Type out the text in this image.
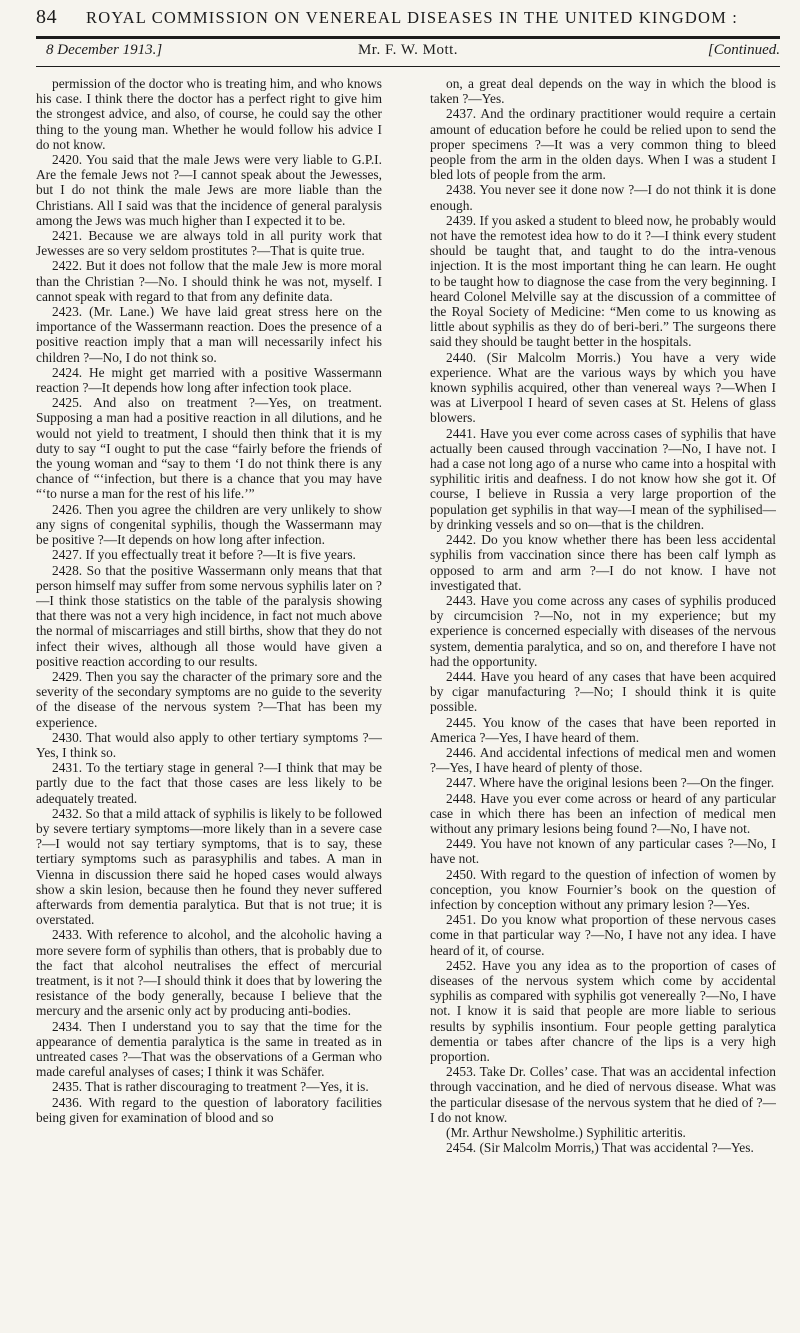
84 ROYAL COMMISSION ON VENEREAL DISEASES IN THE UNITED KINGDOM :
8 December 1913.]	Mr. F. W. Mott.	[Continued.

permission of the doctor who is treating him, and who knows his case. I think there the doctor has a perfect right to give him the strongest advice, and also, of course, he could say the other thing to the young man. Whether he would follow his advice I do not know.

2420. You said that the male Jews were very liable to G.P.I. Are the female Jews not ?—I cannot speak about the Jewesses, but I do not think the male Jews are more liable than the Christians. All I said was that the incidence of general paralysis among the Jews was much higher than I expected it to be.

2421. Because we are always told in all purity work that Jewesses are so very seldom prostitutes ?—That is quite true.

2422. But it does not follow that the male Jew is more moral than the Christian ?—No. I should think he was not, myself. I cannot speak with regard to that from any definite data.

2423. (Mr. Lane.) We have laid great stress here on the importance of the Wassermann reaction. Does the presence of a positive reaction imply that a man will necessarily infect his children ?—No, I do not think so.

2424. He might get married with a positive Wassermann reaction ?—It depends how long after infection took place.

2425. And also on treatment ?—Yes, on treatment. Supposing a man had a positive reaction in all dilutions, and he would not yield to treatment, I should then think that it is my duty to say “I ought to put the case “fairly before the friends of the young woman and “say to them ‘I do not think there is any chance of “‘infection, but there is a chance that you may have “‘to nurse a man for the rest of his life.’”

2426. Then you agree the children are very unlikely to show any signs of congenital syphilis, though the Wassermann may be positive ?—It depends on how long after infection.

2427. If you effectually treat it before ?—It is five years.

2428. So that the positive Wassermann only means that that person himself may suffer from some nervous syphilis later on ?—I think those statistics on the table of the paralysis showing that there was not a very high incidence, in fact not much above the normal of miscarriages and still births, show that they do not infect their wives, although all those would have given a positive reaction according to our results.

2429. Then you say the character of the primary sore and the severity of the secondary symptoms are no guide to the severity of the disease of the nervous system ?—That has been my experience.

2430. That would also apply to other tertiary symptoms ?—Yes, I think so.

2431. To the tertiary stage in general ?—I think that may be partly due to the fact that those cases are less likely to be adequately treated.

2432. So that a mild attack of syphilis is likely to be followed by severe tertiary symptoms—more likely than in a severe case ?—I would not say tertiary symptoms, that is to say, these tertiary symptoms such as parasyphilis and tabes. A man in Vienna in discussion there said he hoped cases would always show a skin lesion, because then he found they never suffered afterwards from dementia paralytica. But that is not true; it is overstated.

2433. With reference to alcohol, and the alcoholic having a more severe form of syphilis than others, that is probably due to the fact that alcohol neutralises the effect of mercurial treatment, is it not ?—I should think it does that by lowering the resistance of the body generally, because I believe that the mercury and the arsenic only act by producing anti-bodies.

2434. Then I understand you to say that the time for the appearance of dementia paralytica is the same in treated as in untreated cases ?—That was the observations of a German who made careful analyses of cases; I think it was Schäfer.

2435. That is rather discouraging to treatment ?—Yes, it is.

2436. With regard to the question of laboratory facilities being given for examination of blood and so

on, a great deal depends on the way in which the blood is taken ?—Yes.

2437. And the ordinary practitioner would require a certain amount of education before he could be relied upon to send the proper specimens ?—It was a very common thing to bleed people from the arm in the olden days. When I was a student I bled lots of people from the arm.

2438. You never see it done now ?—I do not think it is done enough.

2439. If you asked a student to bleed now, he probably would not have the remotest idea how to do it ?—I think every student should be taught that, and taught to do the intra-venous injection. It is the most important thing he can learn. He ought to be taught how to diagnose the case from the very beginning. I heard Colonel Melville say at the discussion of a committee of the Royal Society of Medicine: “Men come to us knowing as little about syphilis as they do of beri-beri.” The surgeons there said they should be taught better in the hospitals.

2440. (Sir Malcolm Morris.) You have a very wide experience. What are the various ways by which you have known syphilis acquired, other than venereal ways ?—When I was at Liverpool I heard of seven cases at St. Helens of glass blowers.

2441. Have you ever come across cases of syphilis that have actually been caused through vaccination ?—No, I have not. I had a case not long ago of a nurse who came into a hospital with syphilitic iritis and deafness. I do not know how she got it. Of course, I believe in Russia a very large proportion of the population get syphilis in that way—I mean of the syphilised—by drinking vessels and so on—that is the children.

2442. Do you know whether there has been less accidental syphilis from vaccination since there has been calf lymph as opposed to arm and arm ?—I do not know. I have not investigated that.

2443. Have you come across any cases of syphilis produced by circumcision ?—No, not in my experience; but my experience is concerned especially with diseases of the nervous system, dementia paralytica, and so on, and therefore I have not had the opportunity.

2444. Have you heard of any cases that have been acquired by cigar manufacturing ?—No; I should think it is quite possible.

2445. You know of the cases that have been reported in America ?—Yes, I have heard of them.

2446. And accidental infections of medical men and women ?—Yes, I have heard of plenty of those.

2447. Where have the original lesions been ?—On the finger.

2448. Have you ever come across or heard of any particular case in which there has been an infection of medical men without any primary lesions being found ?—No, I have not.

2449. You have not known of any particular cases ?—No, I have not.

2450. With regard to the question of infection of women by conception, you know Fournier’s book on the question of infection by conception without any primary lesion ?—Yes.

2451. Do you know what proportion of these nervous cases come in that particular way ?—No, I have not any idea. I have heard of it, of course.

2452. Have you any idea as to the proportion of cases of diseases of the nervous system which come by accidental syphilis as compared with syphilis got venereally ?—No, I have not. I know it is said that people are more liable to serious results by syphilis insontium. Four people getting paralytica dementia or tabes after chancre of the lips is a very high proportion.

2453. Take Dr. Colles’ case. That was an accidental infection through vaccination, and he died of nervous disease. What was the particular disesase of the nervous system that he died of ?—I do not know.

(Mr. Arthur Newsholme.) Syphilitic arteritis.

2454. (Sir Malcolm Morris,) That was accidental ?—Yes.
